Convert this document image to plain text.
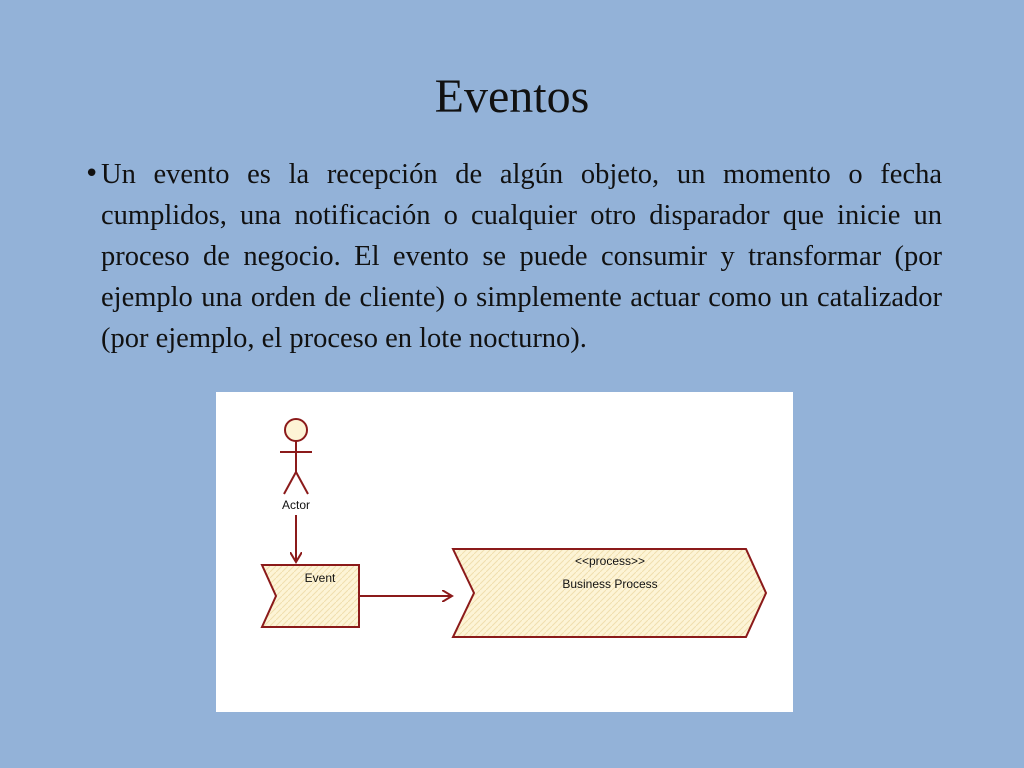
Eventos
• Un evento es la recepción de algún objeto, un momento o fecha cumplidos, una notificación o cualquier otro disparador que inicie un proceso de negocio. El evento se puede consumir y transformar (por ejemplo una orden de cliente) o simplemente actuar como un catalizador (por ejemplo, el proceso en lote nocturno).

Actor
Event
<<process>>
Business Process
